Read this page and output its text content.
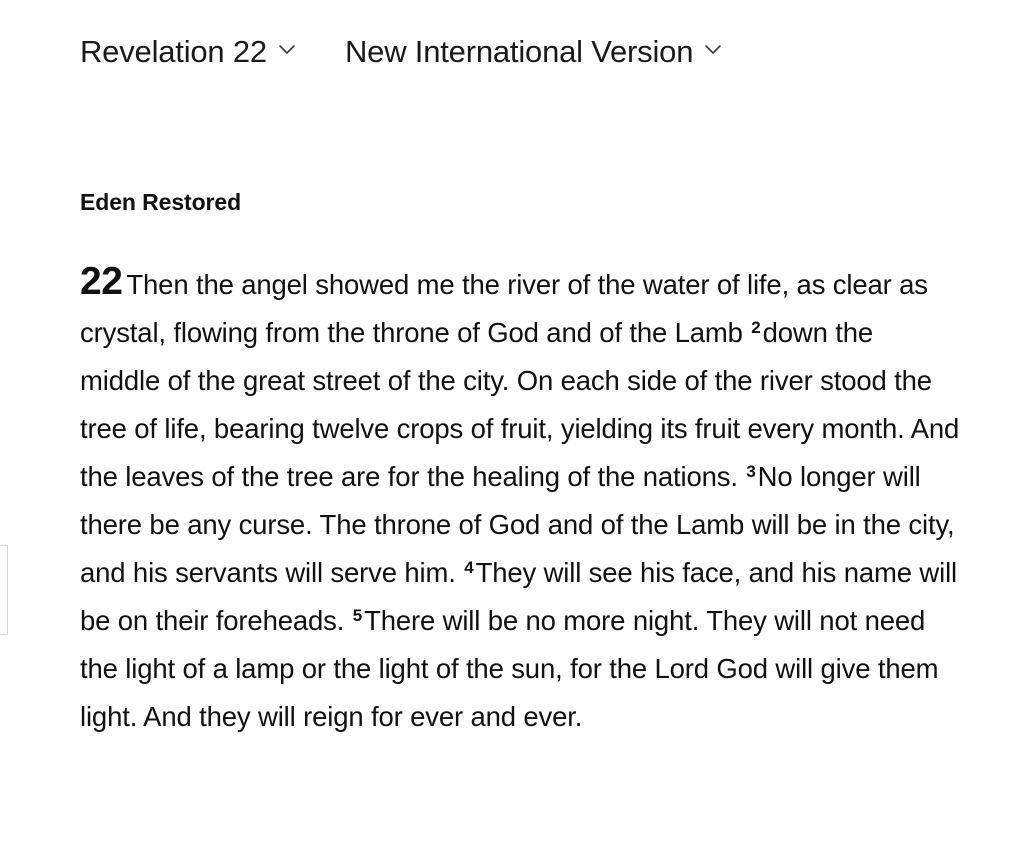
Revelation 22	New International Version
Eden Restored
22 Then the angel showed me the river of the water of life, as clear as crystal, flowing from the throne of God and of the Lamb $^2$down the middle of the great street of the city. On each side of the river stood the tree of life, bearing twelve crops of fruit, yielding its fruit every month. And the leaves of the tree are for the healing of the nations. $^3$No longer will there be any curse. The throne of God and of the Lamb will be in the city, and his servants will serve him. $^4$They will see his face, and his name will be on their foreheads. $^5$There will be no more night. They will not need the light of a lamp or the light of the sun, for the Lord God will give them light. And they will reign for ever and ever.
